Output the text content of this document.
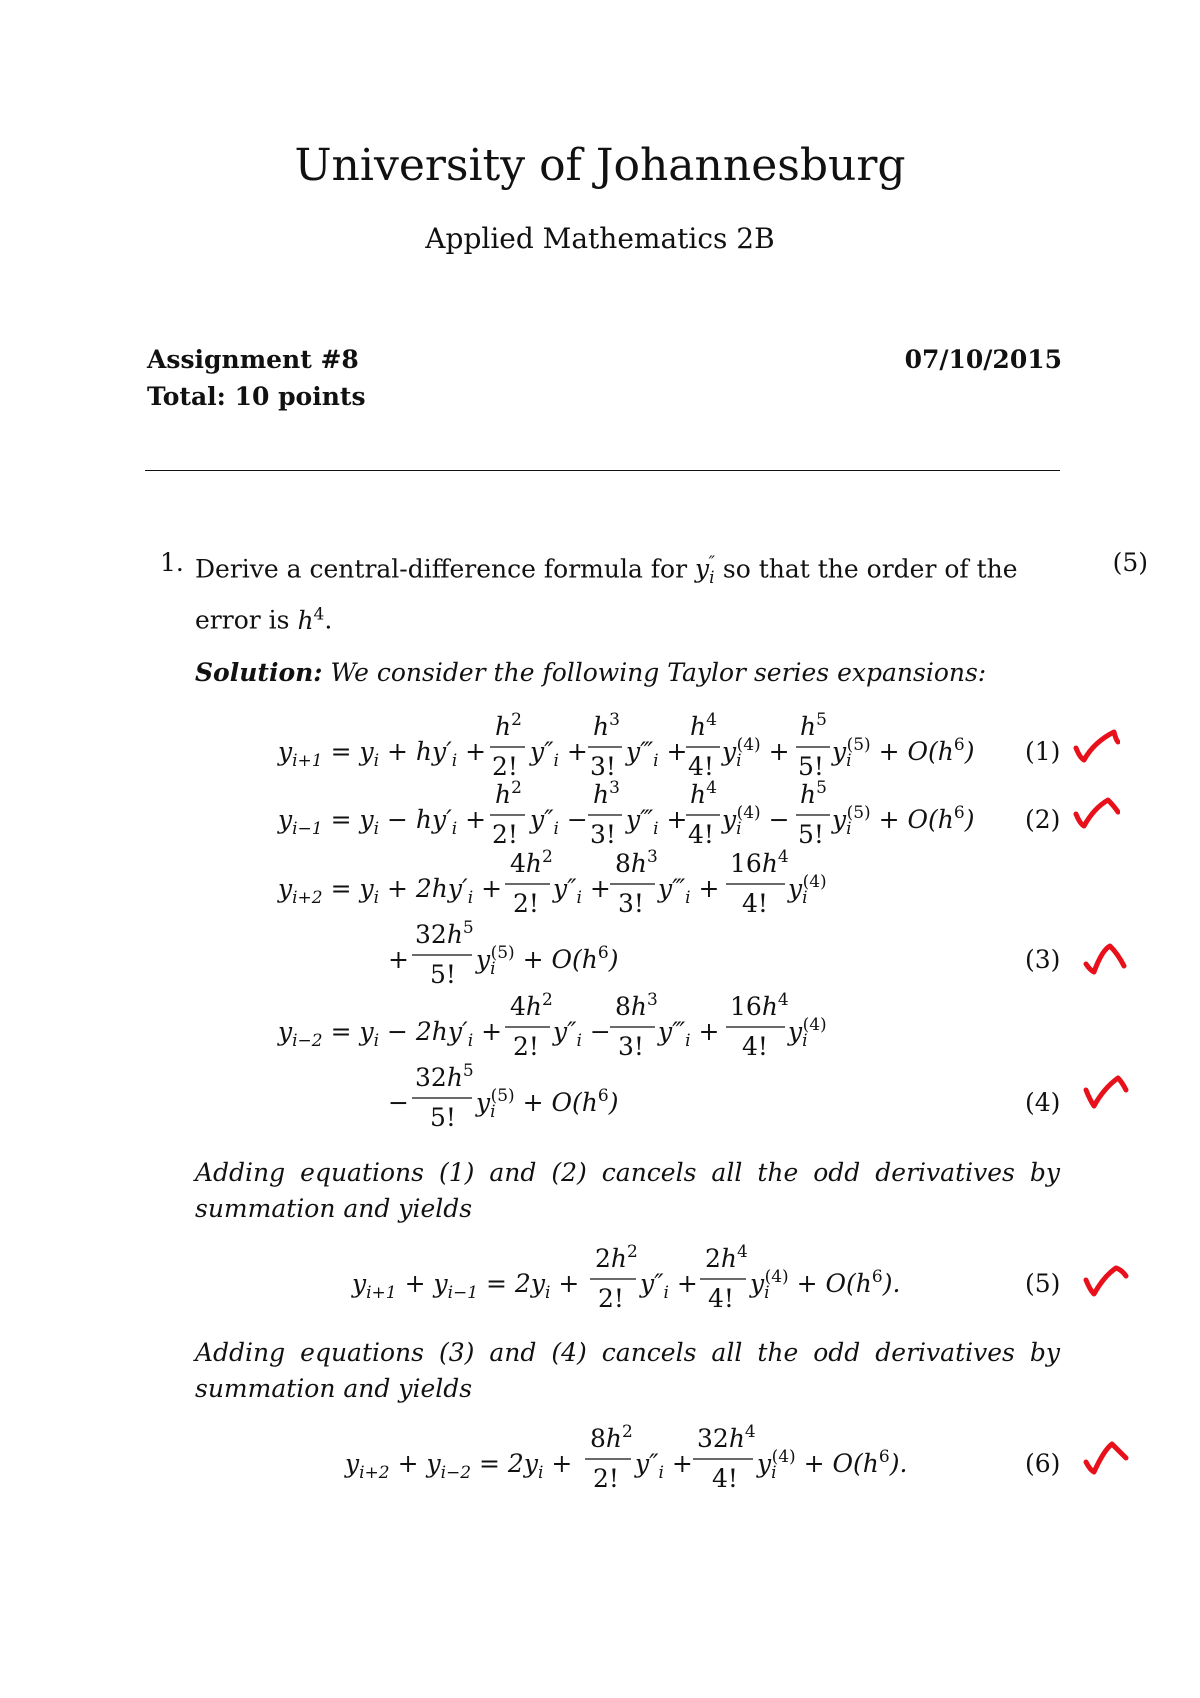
University of Johannesburg
Applied Mathematics 2B
Assignment #8	07/10/2015
Total: 10 points
1. Derive a central-difference formula for $y_i''$ so that the order of the error is $h^4$.
(5)
Solution: We consider the following Taylor series expansions:
$y_{i+1} = y_i + hy'_i$ +
$h^2$
2!
$y''_i$ +
$h^3$
3!
$y‴_i$ +
$h^4$
4!
$y_i(4)$ +
$h^5$
5!
$y_i(5) + O(h^6)$
$y_{i-1} = y_i - hy'_i$ +
$h^2$
2!
$y''_i$ −
$h^3$
3!
$y‴_i$ +
$h^4$
4!
$y_i(4)$ −
$h^5$
5!
$y_i(5) + O(h^6)$
$y_{i+2} = y_i + 2hy'_i$ +
$4h^2$
2!
$y''_i$ +
$8h^3$
3!
$y‴_i$ +
$16h^4$
4!
$y_i(4)$
+
$32h^5$
5!
$y_i(5) + O(h^6)$
$y_{i-2} = y_i - 2hy'_i$ +
$4h^2$
2!
$y''_i$ −
$8h^3$
3!
$y‴_i$ +
$16h^4$
4!
$y_i(4)$
−
$32h^5$
5!
$y_i(5) + O(h^6)$
$y_{i+1} + y_{i-1} = 2y_i$ +
$2h^2$
2!
$y''_i$ +
$2h^4$
4!
$y_i(4) + O(h^6)$.
$y_{i+2} + y_{i-2} = 2y_i$ +
$8h^2$
2!
$y''_i$ +
$32h^4$
4!
$y_i(4) + O(h^6)$.
(1)
(2)
(3)
(4)
(5)
(6)
Adding equations (1) and (2) cancels all the odd derivatives by summation and yields
Adding equations (3) and (4) cancels all the odd derivatives by summation and yields
